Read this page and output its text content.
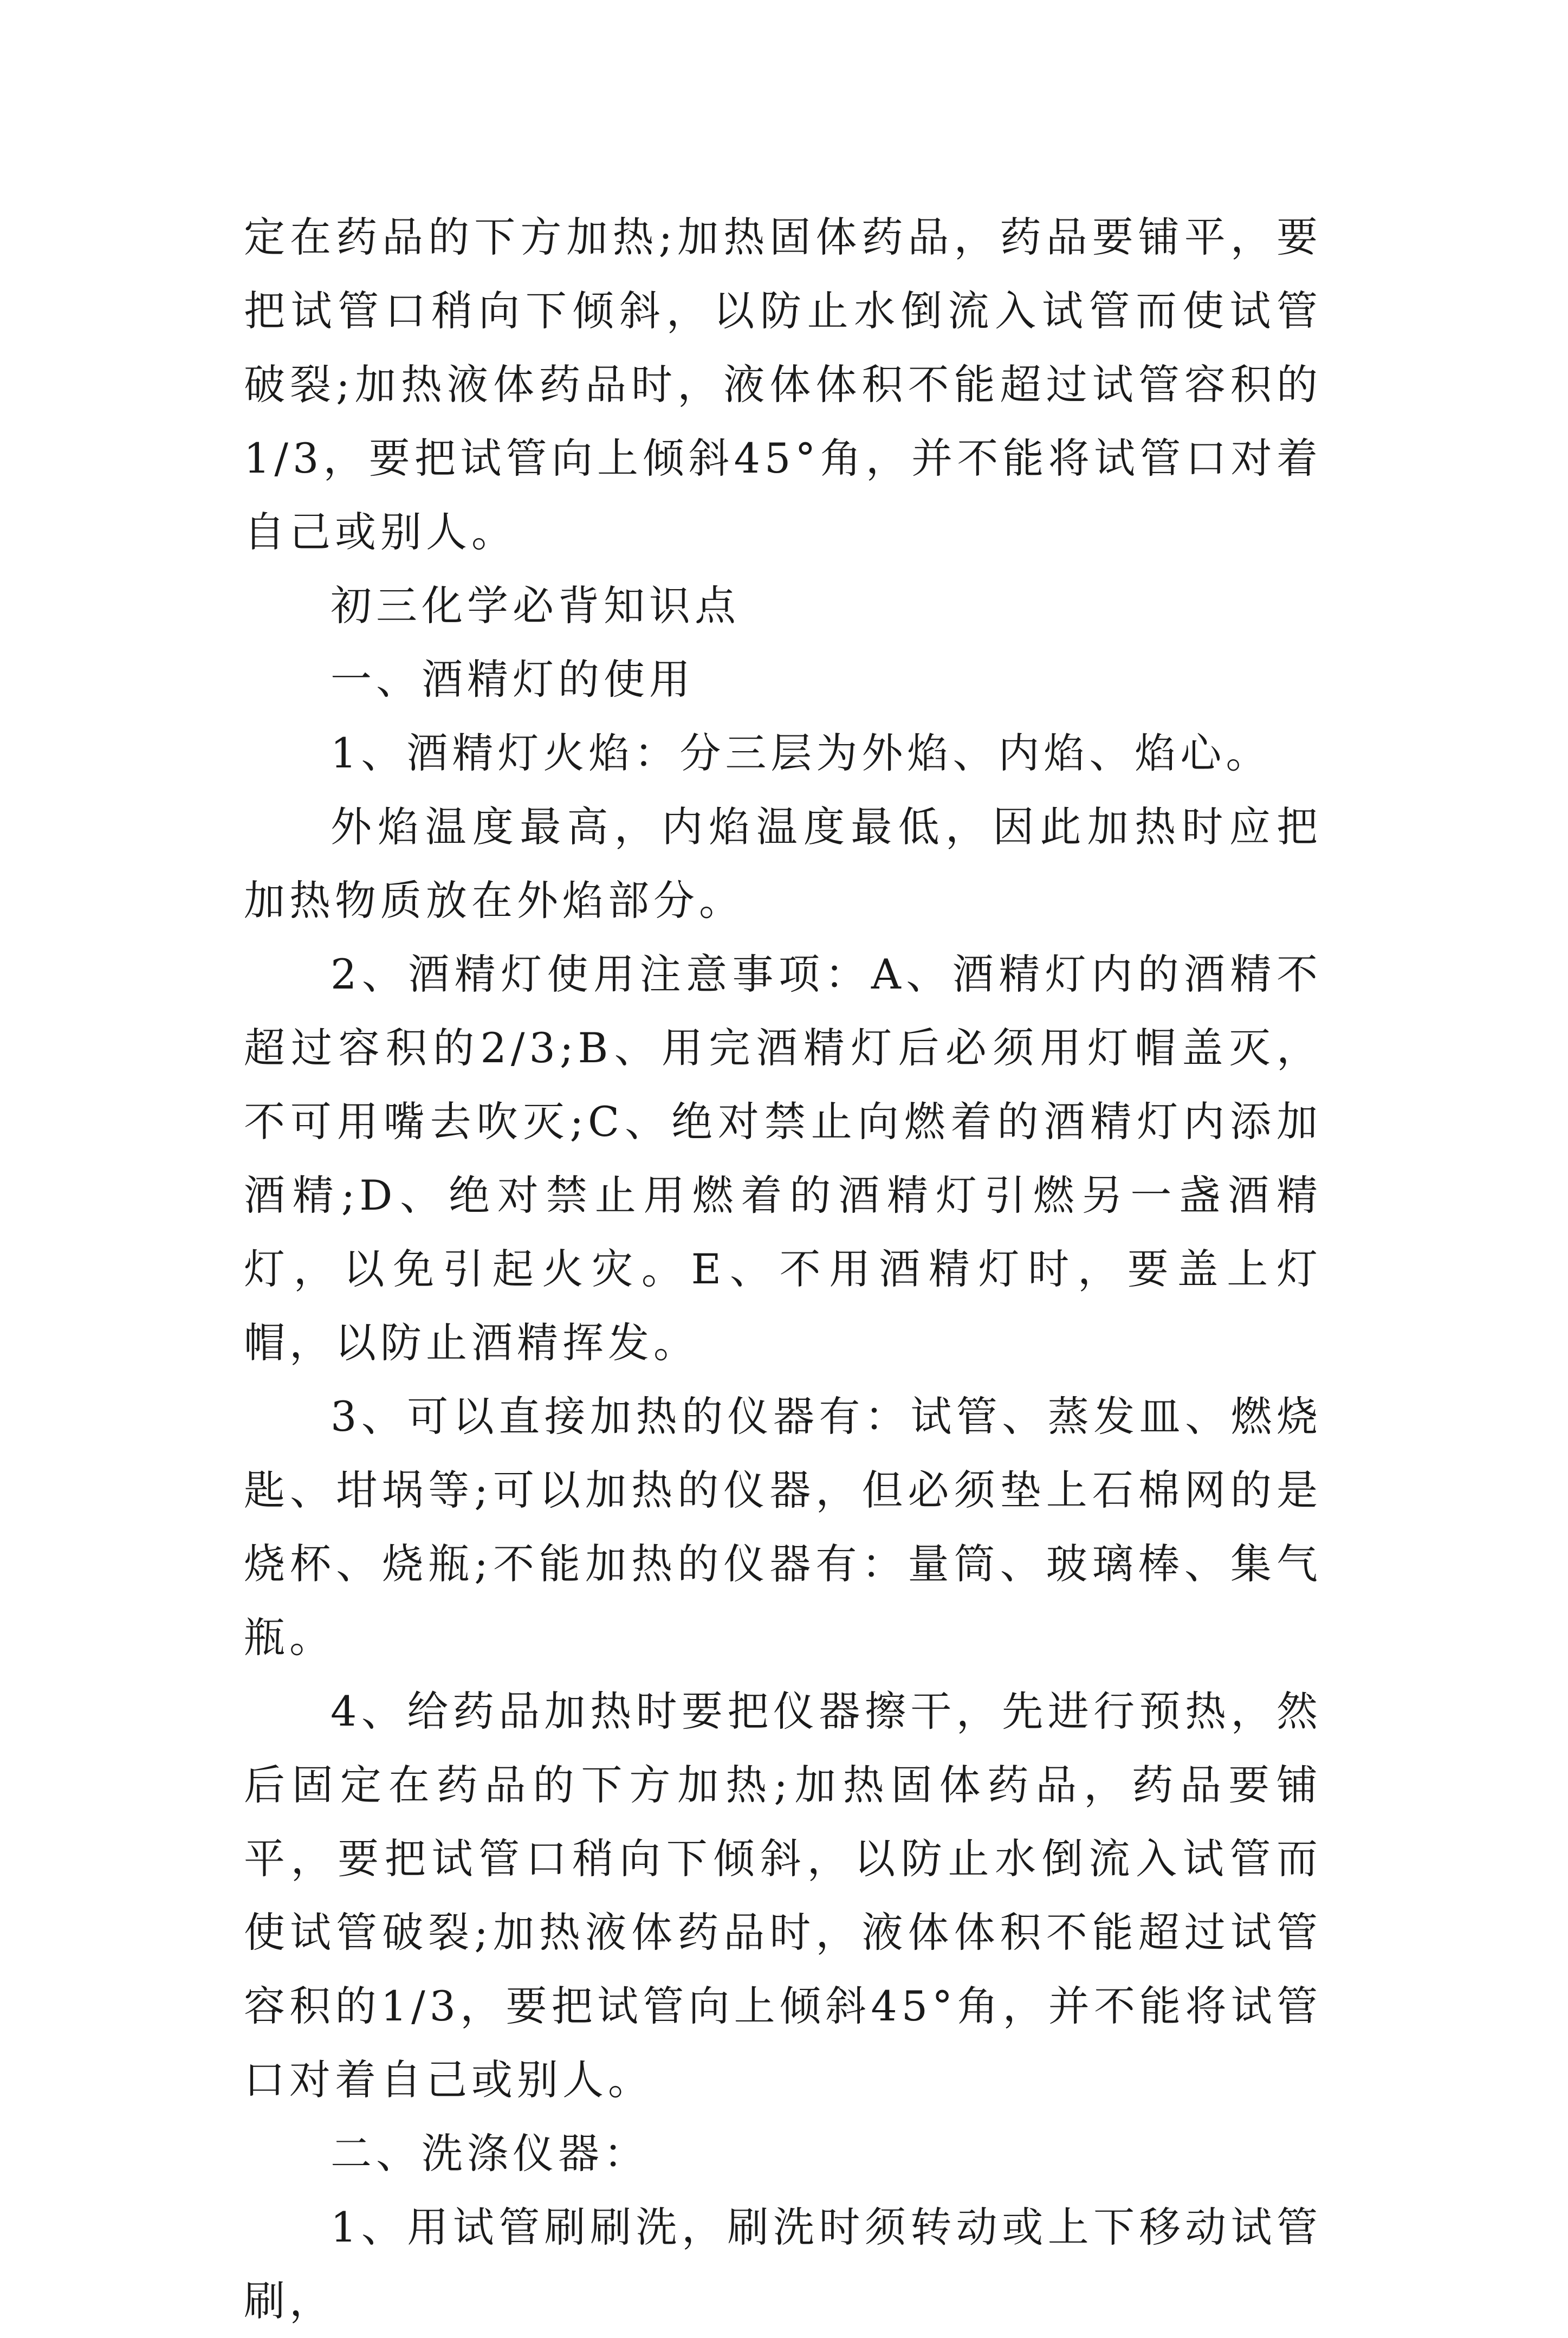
定在药品的下方加热;加热固体药品，药品要铺平，要把试管口稍向下倾斜，以防止水倒流入试管而使试管破裂;加热液体药品时，液体体积不能超过试管容积的1/3，要把试管向上倾斜45°角，并不能将试管口对着自己或别人。

初三化学必背知识点

一、酒精灯的使用

1、酒精灯火焰：分三层为外焰、内焰、焰心。

外焰温度最高，内焰温度最低，因此加热时应把加热物质放在外焰部分。

2、酒精灯使用注意事项：A、酒精灯内的酒精不超过容积的2/3;B、用完酒精灯后必须用灯帽盖灭，不可用嘴去吹灭;C、绝对禁止向燃着的酒精灯内添加酒精;D、绝对禁止用燃着的酒精灯引燃另一盏酒精灯，以免引起火灾。E、不用酒精灯时，要盖上灯帽，以防止酒精挥发。

3、可以直接加热的仪器有：试管、蒸发皿、燃烧匙、坩埚等;可以加热的仪器，但必须垫上石棉网的是烧杯、烧瓶;不能加热的仪器有：量筒、玻璃棒、集气瓶。

4、给药品加热时要把仪器擦干，先进行预热，然后固定在药品的下方加热;加热固体药品，药品要铺平，要把试管口稍向下倾斜，以防止水倒流入试管而使试管破裂;加热液体药品时，液体体积不能超过试管容积的1/3，要把试管向上倾斜45°角，并不能将试管口对着自己或别人。

二、洗涤仪器：

1、用试管刷刷洗，刷洗时须转动或上下移动试管刷，
